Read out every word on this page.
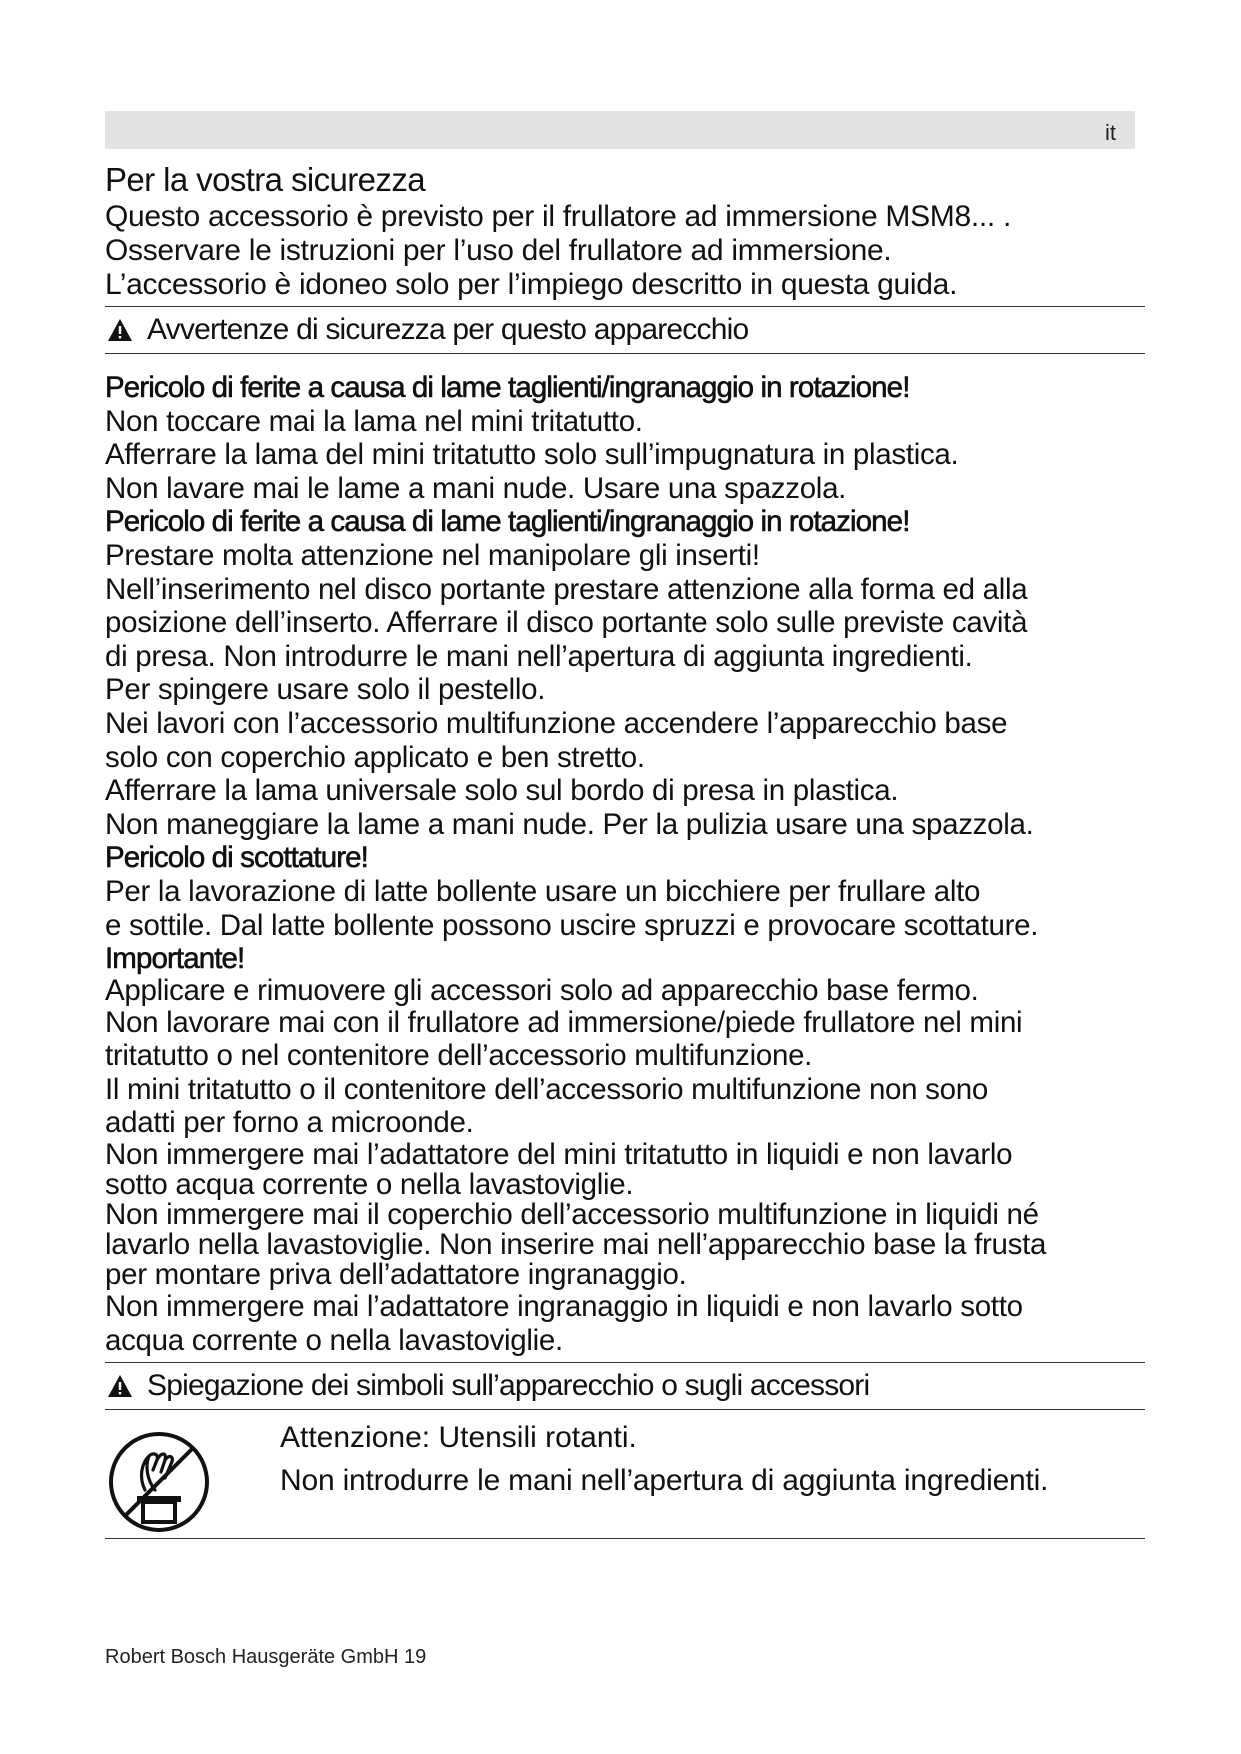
it
Per la vostra sicurezza

Questo accessorio è previsto per il frullatore ad immersione MSM8... .

Osservare le istruzioni per l’uso del frullatore ad immersione.

L’accessorio è idoneo solo per l’impiego descritto in questa guida.

Avvertenze di sicurezza per questo apparecchio

Pericolo di ferite a causa di lame taglienti/ingranaggio in rotazione!

Non toccare mai la lama nel mini tritatutto.

Afferrare la lama del mini tritatutto solo sull’impugnatura in plastica.

Non lavare mai le lame a mani nude. Usare una spazzola.

Pericolo di ferite a causa di lame taglienti/ingranaggio in rotazione!

Prestare molta attenzione nel manipolare gli inserti!

Nell’inserimento nel disco portante prestare attenzione alla forma ed alla

posizione dell’inserto. Afferrare il disco portante solo sulle previste cavità

di presa. Non introdurre le mani nell’apertura di aggiunta ingredienti.

Per spingere usare solo il pestello.

Nei lavori con l’accessorio multifunzione accendere l’apparecchio base

solo con coperchio applicato e ben stretto.

Afferrare la lama universale solo sul bordo di presa in plastica.

Non maneggiare la lame a mani nude. Per la pulizia usare una spazzola.

Pericolo di scottature!

Per la lavorazione di latte bollente usare un bicchiere per frullare alto

e sottile. Dal latte bollente possono uscire spruzzi e provocare scottature.

Importante!

Applicare e rimuovere gli accessori solo ad apparecchio base fermo.

Non lavorare mai con il frullatore ad immersione/piede frullatore nel mini

tritatutto o nel contenitore dell’accessorio multifunzione.

Il mini tritatutto o il contenitore dell’accessorio multifunzione non sono

adatti per forno a microonde.

Non immergere mai l’adattatore del mini tritatutto in liquidi e non lavarlo

sotto acqua corrente o nella lavastoviglie.

Non immergere mai il coperchio dell’accessorio multifunzione in liquidi né

lavarlo nella lavastoviglie. Non inserire mai nell’apparecchio base la frusta

per montare priva dell’adattatore ingranaggio.

Non immergere mai l’adattatore ingranaggio in liquidi e non lavarlo sotto

acqua corrente o nella lavastoviglie.

Spiegazione dei simboli sull’apparecchio o sugli accessori
Attenzione: Utensili rotanti.
Non introdurre le mani nell’apertura di aggiunta ingredienti.
Robert Bosch Hausgeräte GmbH 19
